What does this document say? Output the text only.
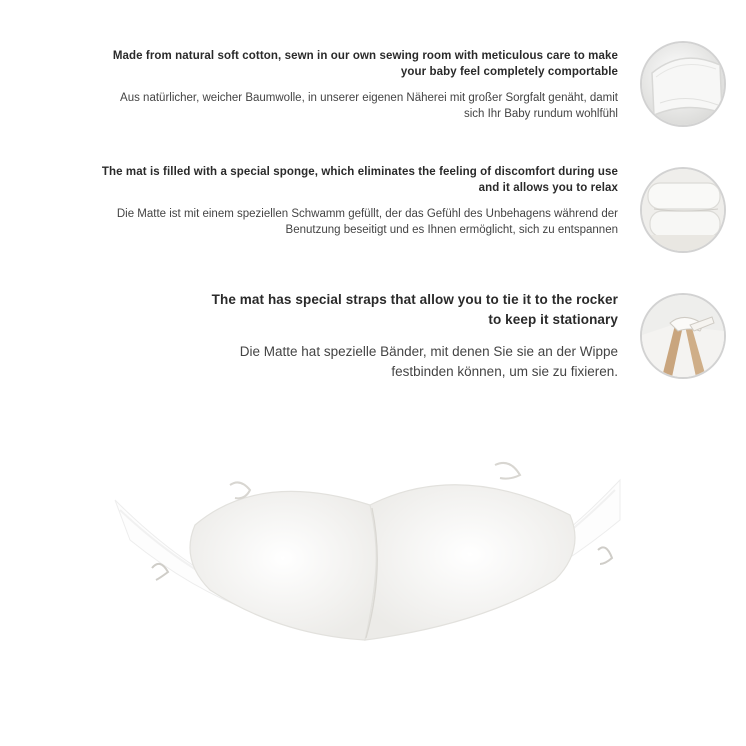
Made from natural soft cotton, sewn in our own sewing room with meticulous care to make your baby feel completely comportable

Aus natürlicher, weicher Baumwolle, in unserer eigenen Näherei mit großer Sorgfalt genäht, damit sich Ihr Baby rundum wohlfühl

The mat is filled with a special sponge, which eliminates the feeling of discomfort during use and it allows you to relax

Die Matte ist mit einem speziellen Schwamm gefüllt, der das Gefühl des Unbehagens während der Benutzung beseitigt und es Ihnen ermöglicht, sich zu entspannen

The mat has special straps that allow you to tie it to the rocker to keep it stationary

Die Matte hat spezielle Bänder, mit denen Sie sie an der Wippe festbinden können, um sie zu fixieren.
